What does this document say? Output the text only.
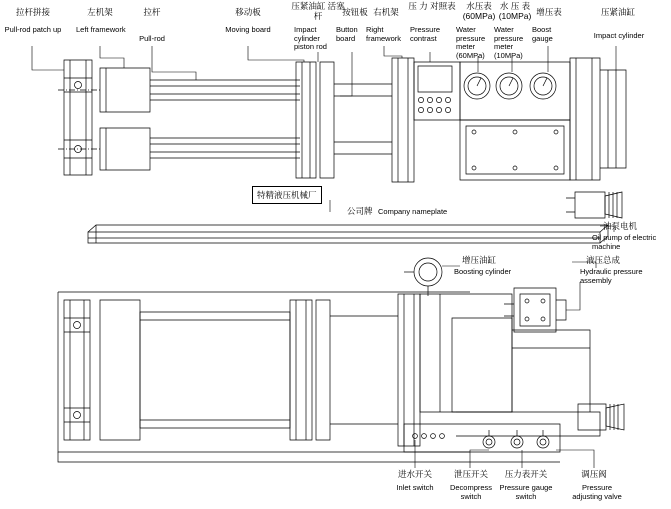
拉杆拼接
Pull-rod patch up
左机架
Left framework
拉杆
Pull-rod
移动板
Moving board
压紧油缸 活塞杆
Impact cylinder piston rod
按钮板
Button board
右机架
Right framework
压 力 对照表
Pressure contrast
水压表 (60MPa)
Water pressure meter (60MPa)
水 压 表 (10MPa)
Water pressure meter (10MPa)
增压表
Boost gauge
压紧油缸
Impact cylinder
特精液压机械厂
公司牌 Company nameplate
油泵电机
Oil pump of electric machine
液压总成
Hydraulic pressure assembly
增压油缸
Boosting cylinder
进水开关
Inlet switch
泄压开关
Decompress switch
压力表开关
Pressure gauge switch
调压阀
Pressure adjusting valve
